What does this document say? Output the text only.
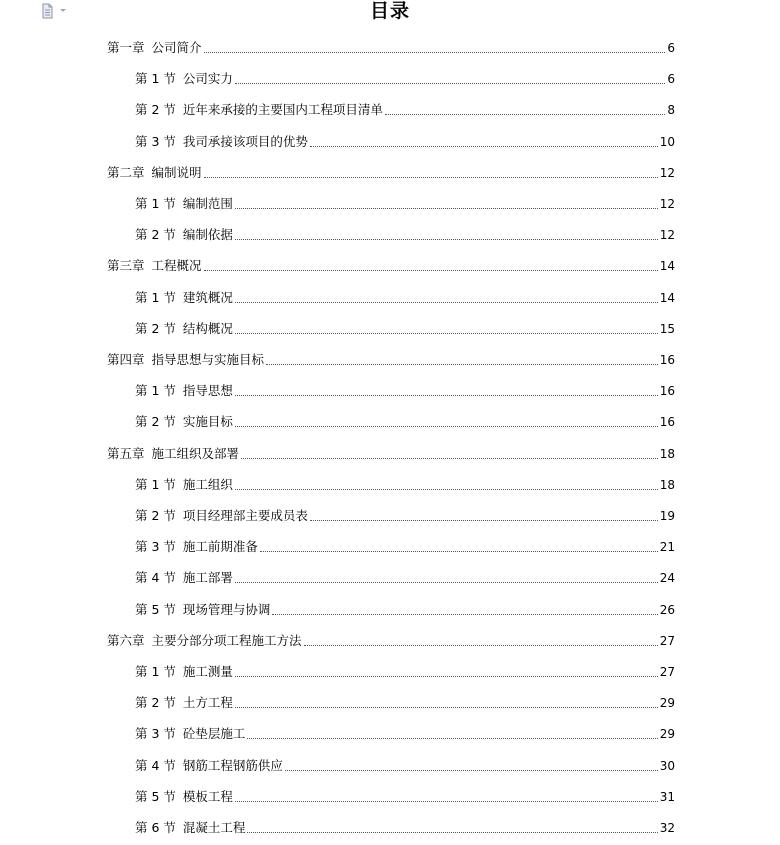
目录
第一章 公司简介	6
第 1 节 公司实力	6
第 2 节 近年来承接的主要国内工程项目清单	8
第 3 节 我司承接该项目的优势	10
第二章 编制说明	12
第 1 节 编制范围	12
第 2 节 编制依据	12
第三章 工程概况	14
第 1 节 建筑概况	14
第 2 节 结构概况	15
第四章 指导思想与实施目标	16
第 1 节 指导思想	16
第 2 节 实施目标	16
第五章 施工组织及部署	18
第 1 节 施工组织	18
第 2 节 项目经理部主要成员表	19
第 3 节 施工前期准备	21
第 4 节 施工部署	24
第 5 节 现场管理与协调	26
第六章 主要分部分项工程施工方法	27
第 1 节 施工测量	27
第 2 节 土方工程	29
第 3 节 砼垫层施工	29
第 4 节 钢筋工程钢筋供应	30
第 5 节 模板工程	31
第 6 节 混凝土工程	32
